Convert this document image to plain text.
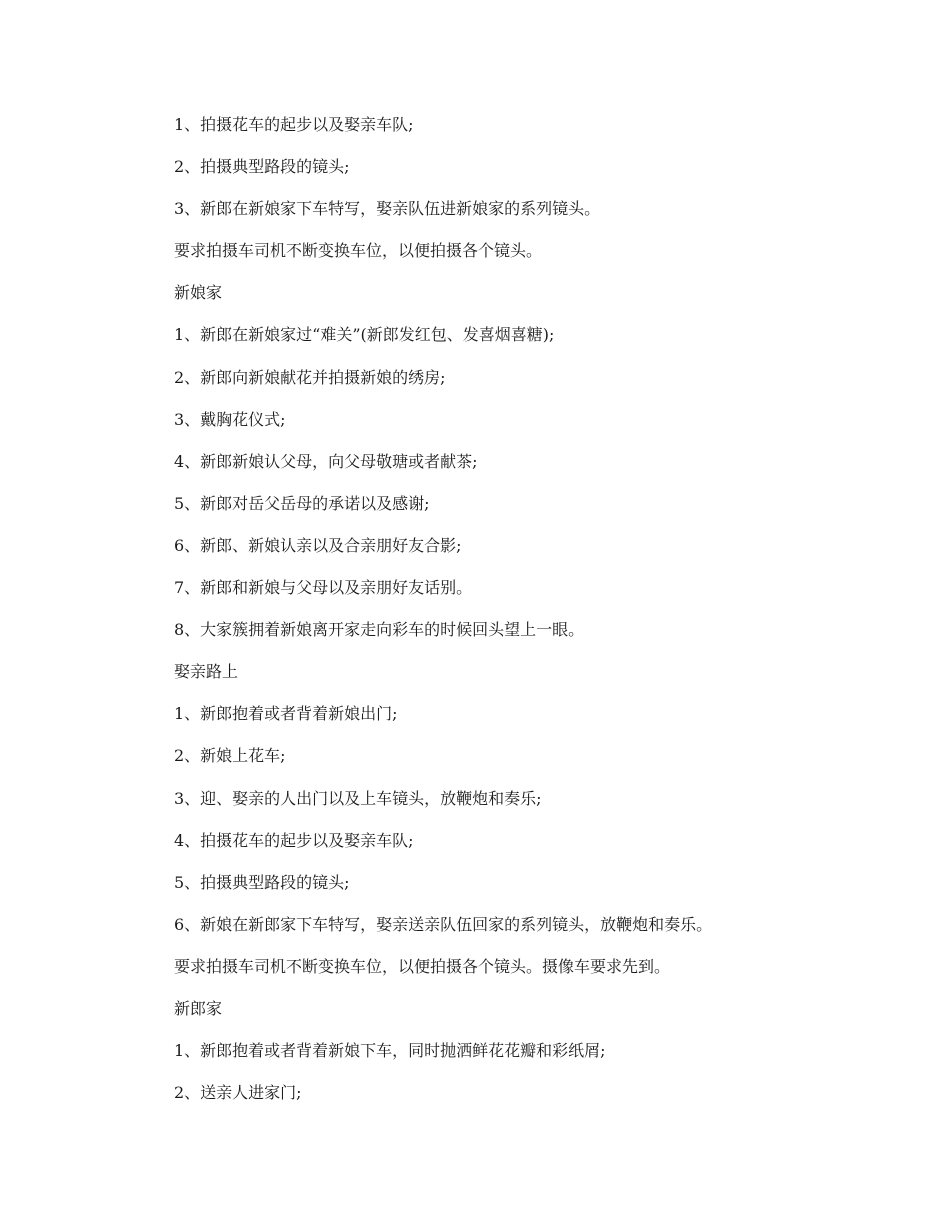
1、拍摄花车的起步以及娶亲车队;

2、拍摄典型路段的镜头;

3、新郎在新娘家下车特写，娶亲队伍进新娘家的系列镜头。

要求拍摄车司机不断变换车位，以便拍摄各个镜头。

新娘家

1、新郎在新娘家过“难关”(新郎发红包、发喜烟喜糖);

2、新郎向新娘献花并拍摄新娘的绣房;

3、戴胸花仪式;

4、新郎新娘认父母，向父母敬瑭或者献茶;

5、新郎对岳父岳母的承诺以及感谢;

6、新郎、新娘认亲以及合亲朋好友合影;

7、新郎和新娘与父母以及亲朋好友话别。

8、大家簇拥着新娘离开家走向彩车的时候回头望上一眼。

娶亲路上

1、新郎抱着或者背着新娘出门;

2、新娘上花车;

3、迎、娶亲的人出门以及上车镜头，放鞭炮和奏乐;

4、拍摄花车的起步以及娶亲车队;

5、拍摄典型路段的镜头;

6、新娘在新郎家下车特写，娶亲送亲队伍回家的系列镜头，放鞭炮和奏乐。

要求拍摄车司机不断变换车位，以便拍摄各个镜头。摄像车要求先到。

新郎家

1、新郎抱着或者背着新娘下车，同时抛洒鲜花花瓣和彩纸屑;

2、送亲人进家门;
